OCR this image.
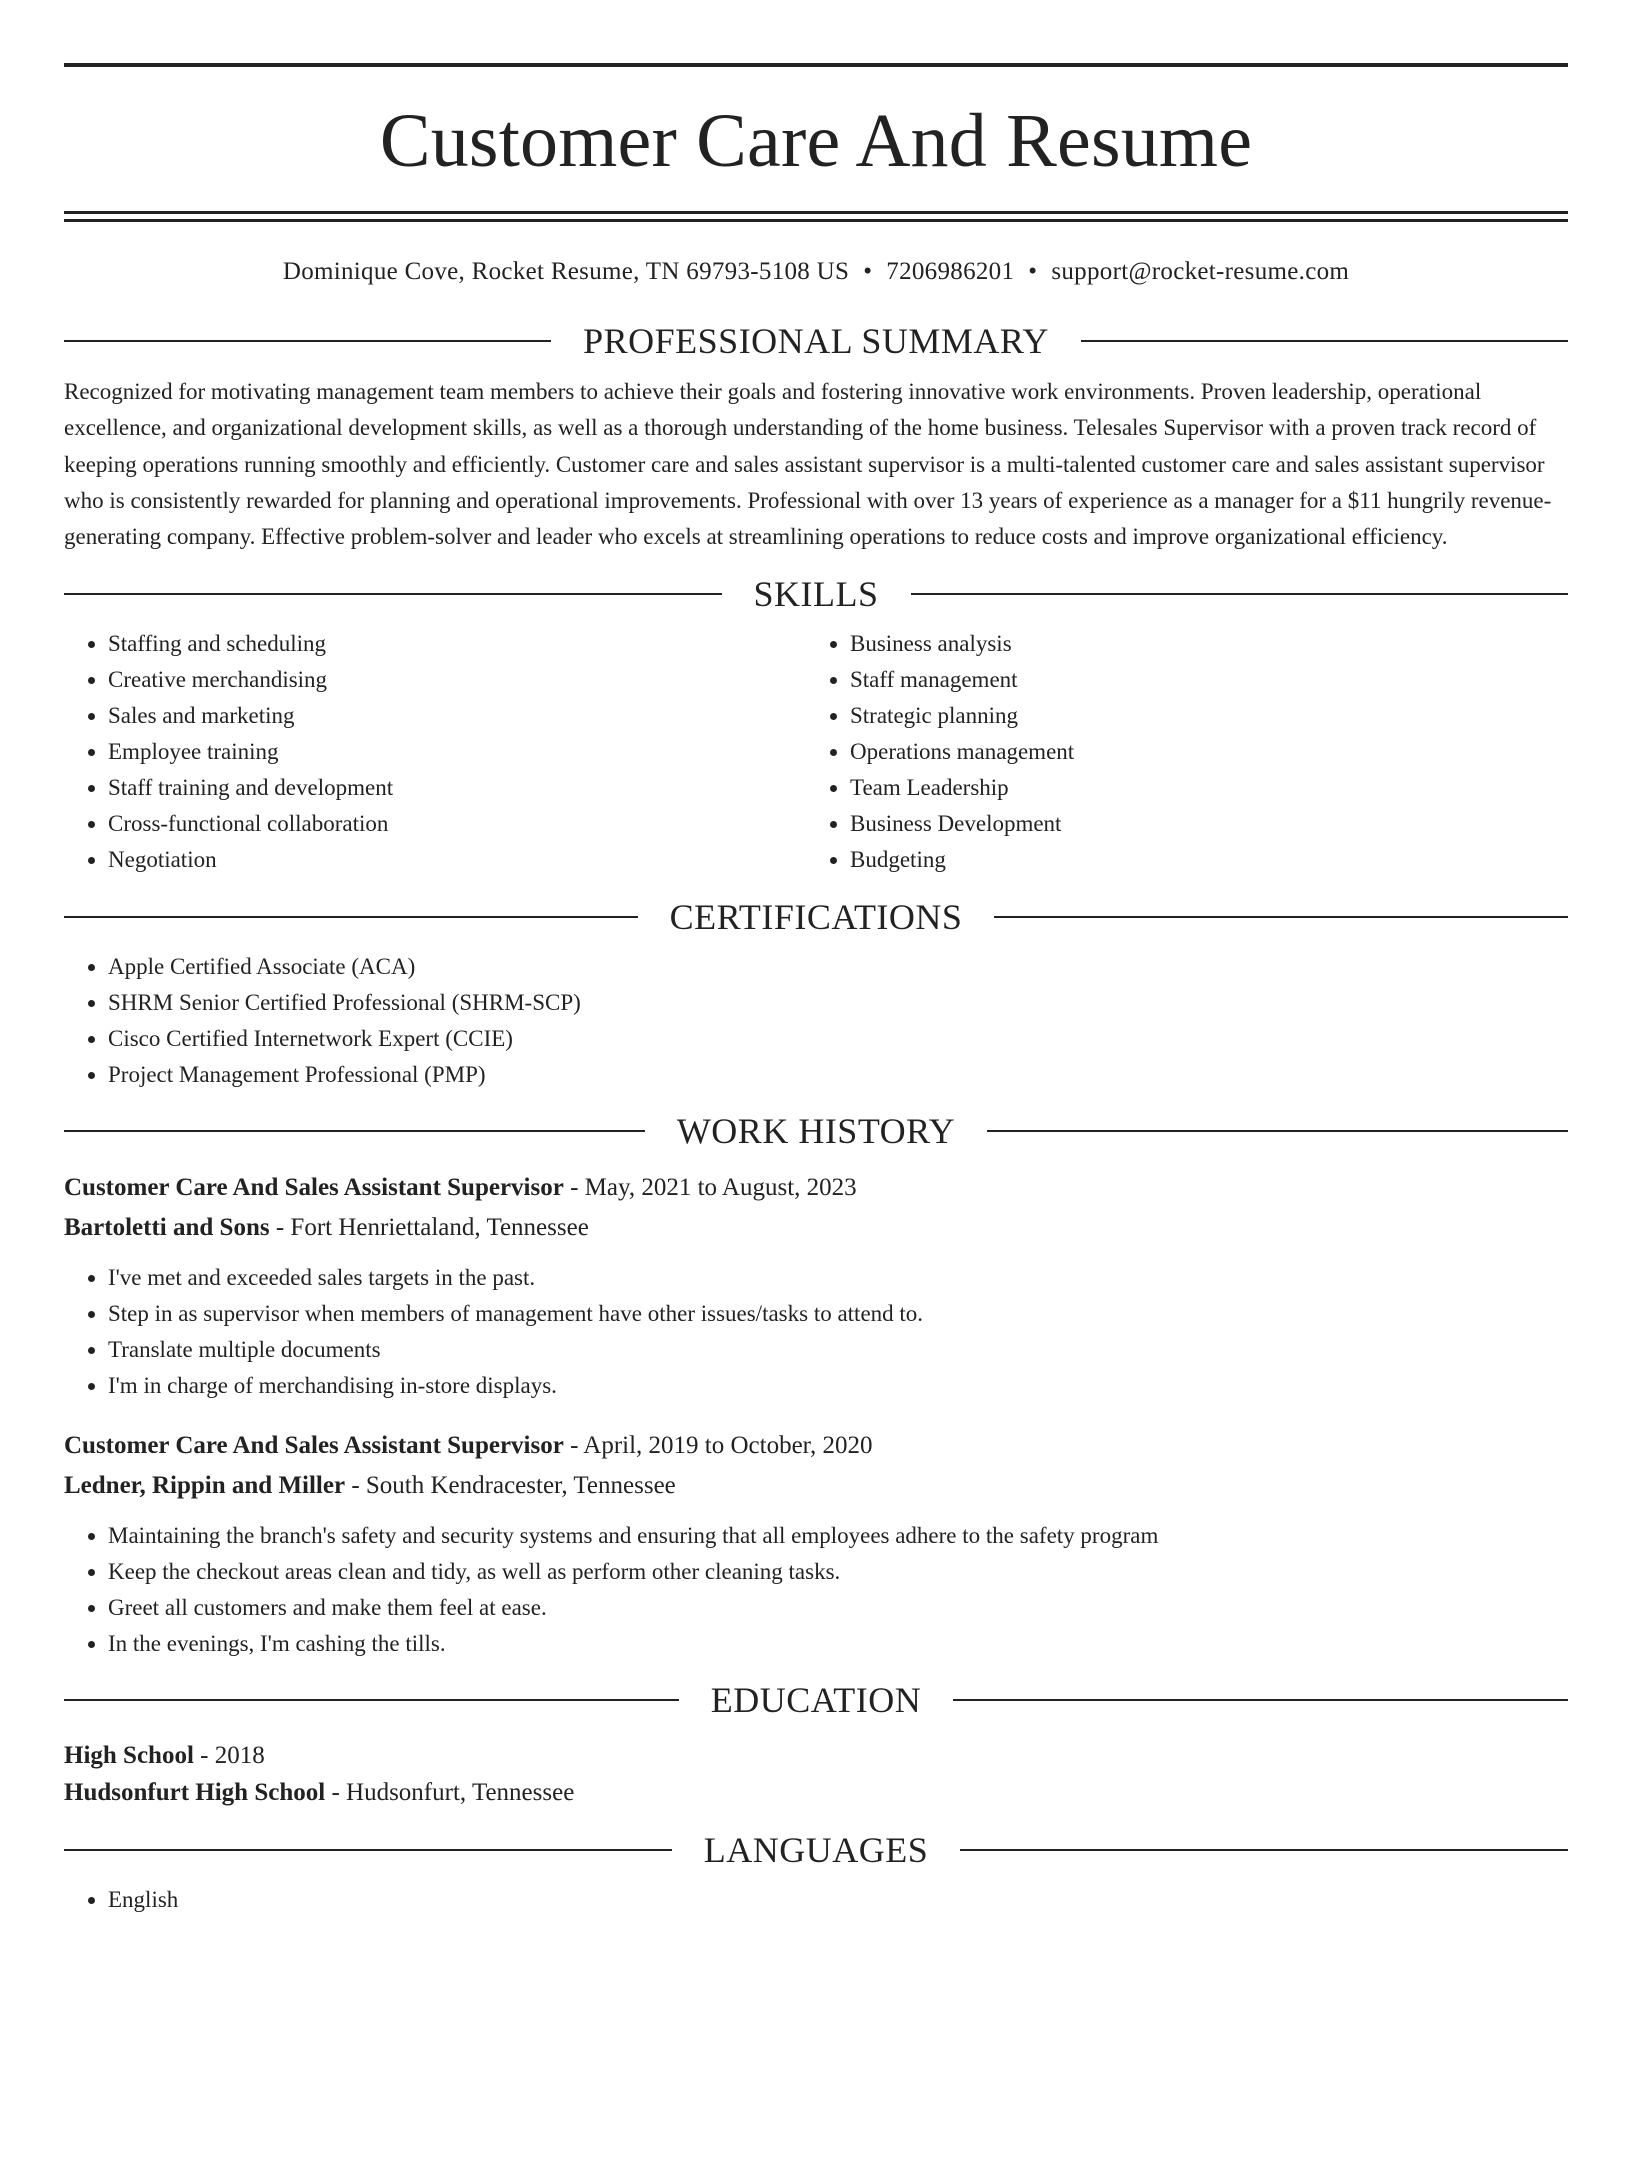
Customer Care And Resume
Dominique Cove, Rocket Resume, TN 69793-5108 US • 7206986201 • support@rocket-resume.com
PROFESSIONAL SUMMARY

Recognized for motivating management team members to achieve their goals and fostering innovative work environments. Proven leadership, operational excellence, and organizational development skills, as well as a thorough understanding of the home business. Telesales Supervisor with a proven track record of keeping operations running smoothly and efficiently. Customer care and sales assistant supervisor is a multi-talented customer care and sales assistant supervisor who is consistently rewarded for planning and operational improvements. Professional with over 13 years of experience as a manager for a $11 hungrily revenue-generating company. Effective problem-solver and leader who excels at streamlining operations to reduce costs and improve organizational efficiency.

SKILLS
• Staffing and scheduling
• Creative merchandising
• Sales and marketing
• Employee training
• Staff training and development
• Cross-functional collaboration
• Negotiation
• Business analysis
• Staff management
• Strategic planning
• Operations management
• Team Leadership
• Business Development
• Budgeting
CERTIFICATIONS
• Apple Certified Associate (ACA)
• SHRM Senior Certified Professional (SHRM-SCP)
• Cisco Certified Internetwork Expert (CCIE)
• Project Management Professional (PMP)
WORK HISTORY
Customer Care And Sales Assistant Supervisor - May, 2021 to August, 2023
Bartoletti and Sons - Fort Henriettaland, Tennessee
• I've met and exceeded sales targets in the past.
• Step in as supervisor when members of management have other issues/tasks to attend to.
• Translate multiple documents
• I'm in charge of merchandising in-store displays.
Customer Care And Sales Assistant Supervisor - April, 2019 to October, 2020
Ledner, Rippin and Miller - South Kendracester, Tennessee
• Maintaining the branch's safety and security systems and ensuring that all employees adhere to the safety program
• Keep the checkout areas clean and tidy, as well as perform other cleaning tasks.
• Greet all customers and make them feel at ease.
• In the evenings, I'm cashing the tills.
EDUCATION
High School - 2018
Hudsonfurt High School - Hudsonfurt, Tennessee
LANGUAGES
• English
